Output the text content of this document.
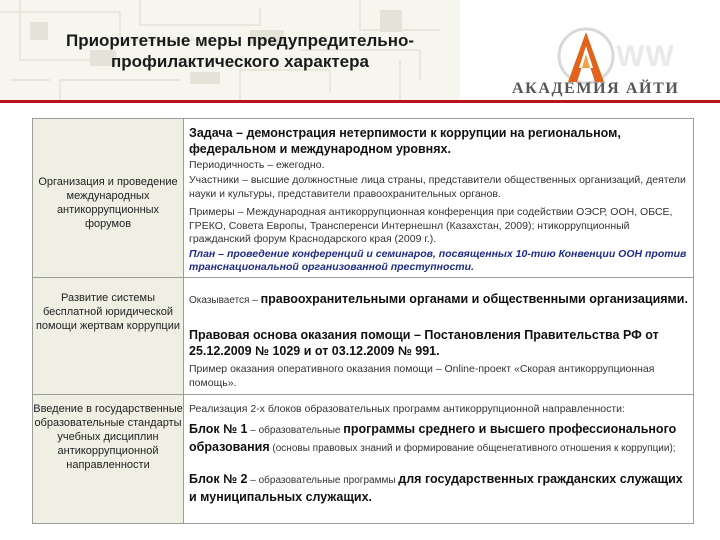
Приоритетные меры предупредительно-профилактического характера	WW
АКАДЕМИЯ АЙТИ
Организация и проведение международных антикоррупционных форумов
Задача – демонстрация нетерпимости к коррупции на региональном, федеральном и международном уровнях.
Периодичность – ежегодно.
Участники – высшие должностные лица страны, представители общественных организаций, деятели науки и культуры, представители правоохранительных органов.
Примеры – Международная антикоррупционная конференция при содействии ОЭСР, ООН, ОБСЕ, ГРЕКО, Совета Европы, Трансперенси Интернешнл (Казахстан, 2009); нтикоррупционный гражданский форум Краснодарского края (2009 г.).
План – проведение конференций и семинаров, посвященных 10-тию Конвенции ООН против транснациональной организованной преступности.
Развитие системы бесплатной юридической помощи жертвам коррупции
Оказывается – правоохранительными органами и общественными организациями.
Правовая основа оказания помощи – Постановления Правительства РФ от 25.12.2009 № 1029 и от 03.12.2009 № 991.
Пример оказания оперативного оказания помощи – Online-проект «Скорая антикоррупционная помощь».
Введение в государственные образовательные стандарты учебных дисциплин антикоррупционной направленности
Реализация 2-х блоков образовательных программ антикоррупционной направленности:
Блок № 1 – образовательные программы среднего и высшего профессионального образования (основы правовых знаний и формирование общенегативного отношения к коррупции);
Блок № 2 – образовательные программы для государственных гражданских служащих и муниципальных служащих.
